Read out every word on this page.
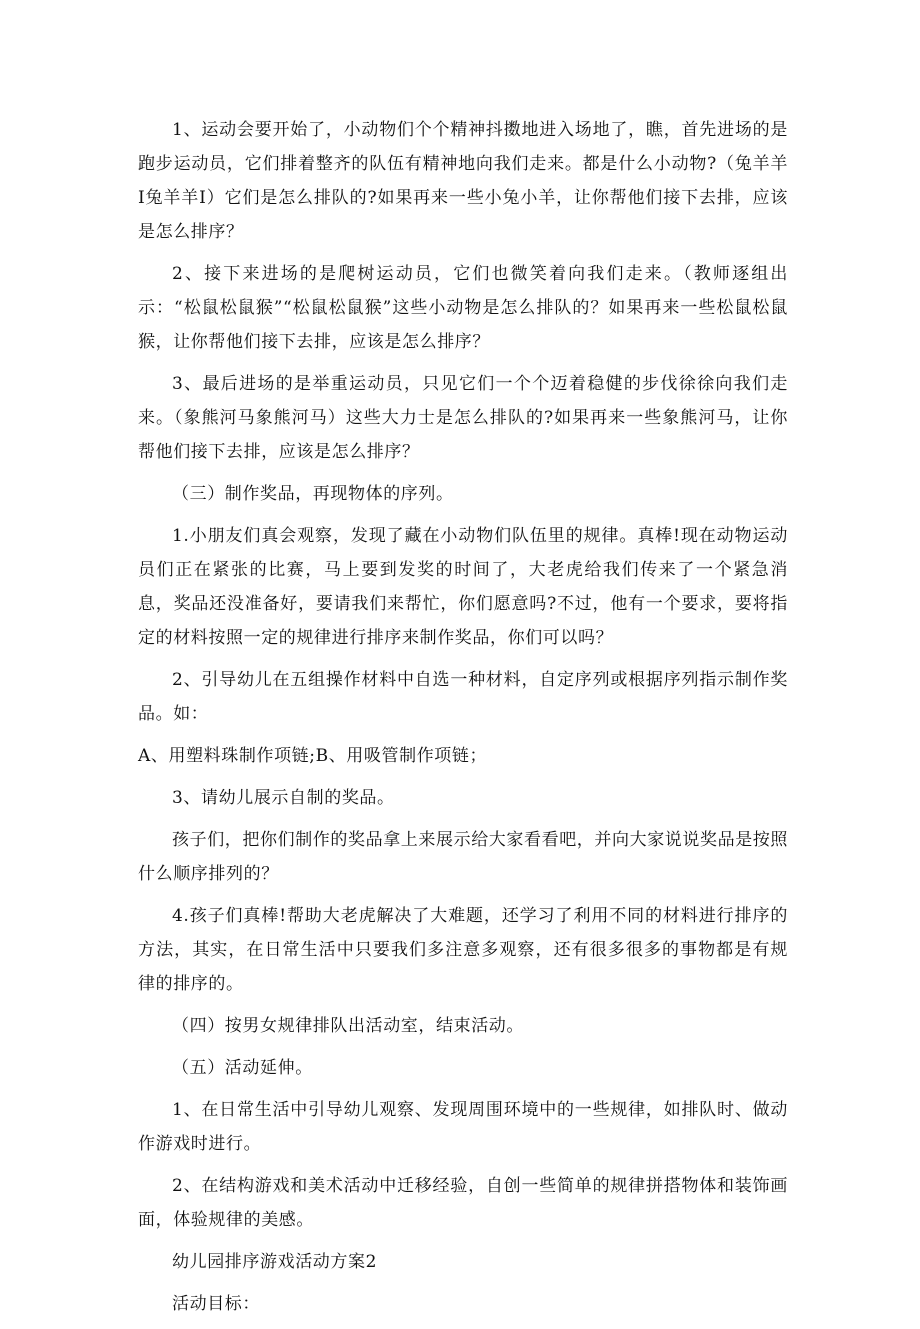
1、运动会要开始了，小动物们个个精神抖擞地进入场地了，瞧，首先进场的是跑步运动员，它们排着整齐的队伍有精神地向我们走来。都是什么小动物?（兔羊羊I兔羊羊I）它们是怎么排队的?如果再来一些小兔小羊，让你帮他们接下去排，应该是怎么排序？

2、接下来进场的是爬树运动员，它们也微笑着向我们走来。（教师逐组出示：“松鼠松鼠猴”“松鼠松鼠猴”这些小动物是怎么排队的？如果再来一些松鼠松鼠猴，让你帮他们接下去排，应该是怎么排序？

3、最后进场的是举重运动员，只见它们一个个迈着稳健的步伐徐徐向我们走来。（象熊河马象熊河马）这些大力士是怎么排队的?如果再来一些象熊河马，让你帮他们接下去排，应该是怎么排序？

（三）制作奖品，再现物体的序列。

1.小朋友们真会观察，发现了藏在小动物们队伍里的规律。真棒!现在动物运动员们正在紧张的比赛，马上要到发奖的时间了，大老虎给我们传来了一个紧急消息，奖品还没准备好，要请我们来帮忙，你们愿意吗?不过，他有一个要求，要将指定的材料按照一定的规律进行排序来制作奖品，你们可以吗？

2、引导幼儿在五组操作材料中自选一种材料，自定序列或根据序列指示制作奖品。如：

A、用塑料珠制作项链;B、用吸管制作项链；

3、请幼儿展示自制的奖品。

孩子们，把你们制作的奖品拿上来展示给大家看看吧，并向大家说说奖品是按照什么顺序排列的？

4.孩子们真棒!帮助大老虎解决了大难题，还学习了利用不同的材料进行排序的方法，其实，在日常生活中只要我们多注意多观察，还有很多很多的事物都是有规律的排序的。

（四）按男女规律排队出活动室，结束活动。

（五）活动延伸。

1、在日常生活中引导幼儿观察、发现周围环境中的一些规律，如排队时、做动作游戏时进行。

2、在结构游戏和美术活动中迁移经验，自创一些简单的规律拼搭物体和装饰画面，体验规律的美感。

幼儿园排序游戏活动方案2

活动目标：
